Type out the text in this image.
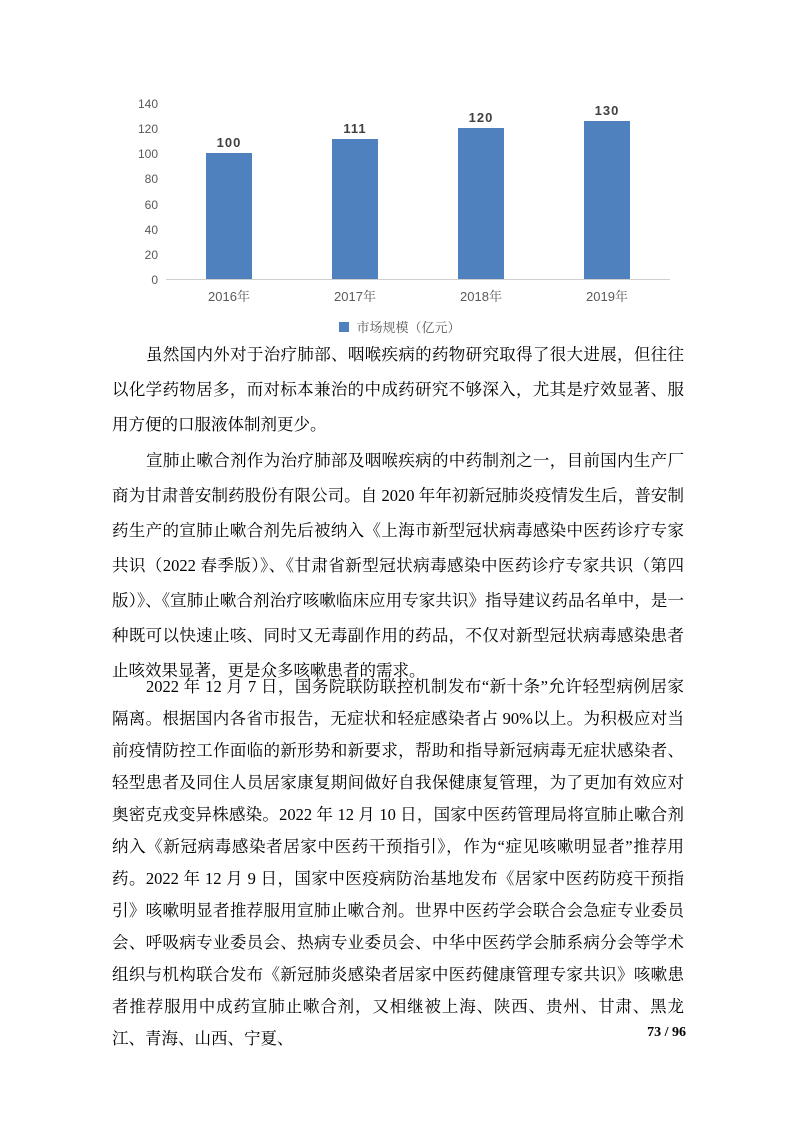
140
120
100
80
60
40
20
0
100
111
120	130
2016年	2017年	2018年	2019年
市场规模（亿元）

虽然国内外对于治疗肺部、咽喉疾病的药物研究取得了很大进展，但往往以化学药物居多，而对标本兼治的中成药研究不够深入，尤其是疗效显著、服用方便的口服液体制剂更少。

宣肺止嗽合剂作为治疗肺部及咽喉疾病的中药制剂之一，目前国内生产厂商为甘肃普安制药股份有限公司。自 2020 年年初新冠肺炎疫情发生后，普安制药生产的宣肺止嗽合剂先后被纳入《上海市新型冠状病毒感染中医药诊疗专家共识（2022 春季版）》、《甘肃省新型冠状病毒感染中医药诊疗专家共识（第四版）》、《宣肺止嗽合剂治疗咳嗽临床应用专家共识》指导建议药品名单中，是一种既可以快速止咳、同时又无毒副作用的药品，不仅对新型冠状病毒感染患者止咳效果显著，更是众多咳嗽患者的需求。

2022 年 12 月 7 日，国务院联防联控机制发布“新十条”允许轻型病例居家隔离。根据国内各省市报告，无症状和轻症感染者占 90%以上。为积极应对当前疫情防控工作面临的新形势和新要求，帮助和指导新冠病毒无症状感染者、轻型患者及同住人员居家康复期间做好自我保健康复管理，为了更加有效应对奥密克戎变异株感染。2022 年 12 月 10 日，国家中医药管理局将宣肺止嗽合剂纳入《新冠病毒感染者居家中医药干预指引》，作为“症见咳嗽明显者”推荐用药。2022 年 12 月 9 日，国家中医疫病防治基地发布《居家中医药防疫干预指引》咳嗽明显者推荐服用宣肺止嗽合剂。世界中医药学会联合会急症专业委员会、呼吸病专业委员会、热病专业委员会、中华中医药学会肺系病分会等学术组织与机构联合发布《新冠肺炎感染者居家中医药健康管理专家共识》咳嗽患者推荐服用中成药宣肺止嗽合剂，又相继被上海、陕西、贵州、甘肃、黑龙江、青海、山西、宁夏、	73 / 96
